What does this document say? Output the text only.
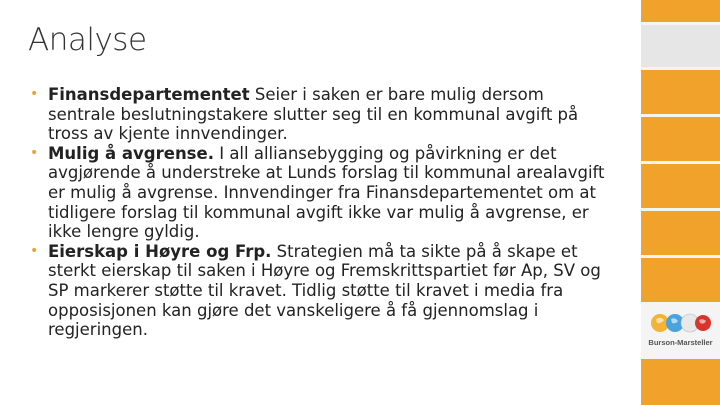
Analyse
• Finansdepartementet Seier i saken er bare mulig dersom sentrale beslutningstakere slutter seg til en kommunal avgift på tross av kjente innvendinger.
• Mulig å avgrense. I all alliansebygging og påvirkning er det avgjørende å understreke at Lunds forslag til kommunal arealavgift er mulig å avgrense. Innvendinger fra Finansdepartementet om at tidligere forslag til kommunal avgift ikke var mulig å avgrense, er ikke lengre gyldig.
• Eierskap i Høyre og Frp. Strategien må ta sikte på å skape et sterkt eierskap til saken i Høyre og Fremskrittspartiet før Ap, SV og SP markerer støtte til kravet. Tidlig støtte til kravet i media fra opposisjonen kan gjøre det vanskeligere å få gjennomslag i regjeringen.
Burson-Marsteller
